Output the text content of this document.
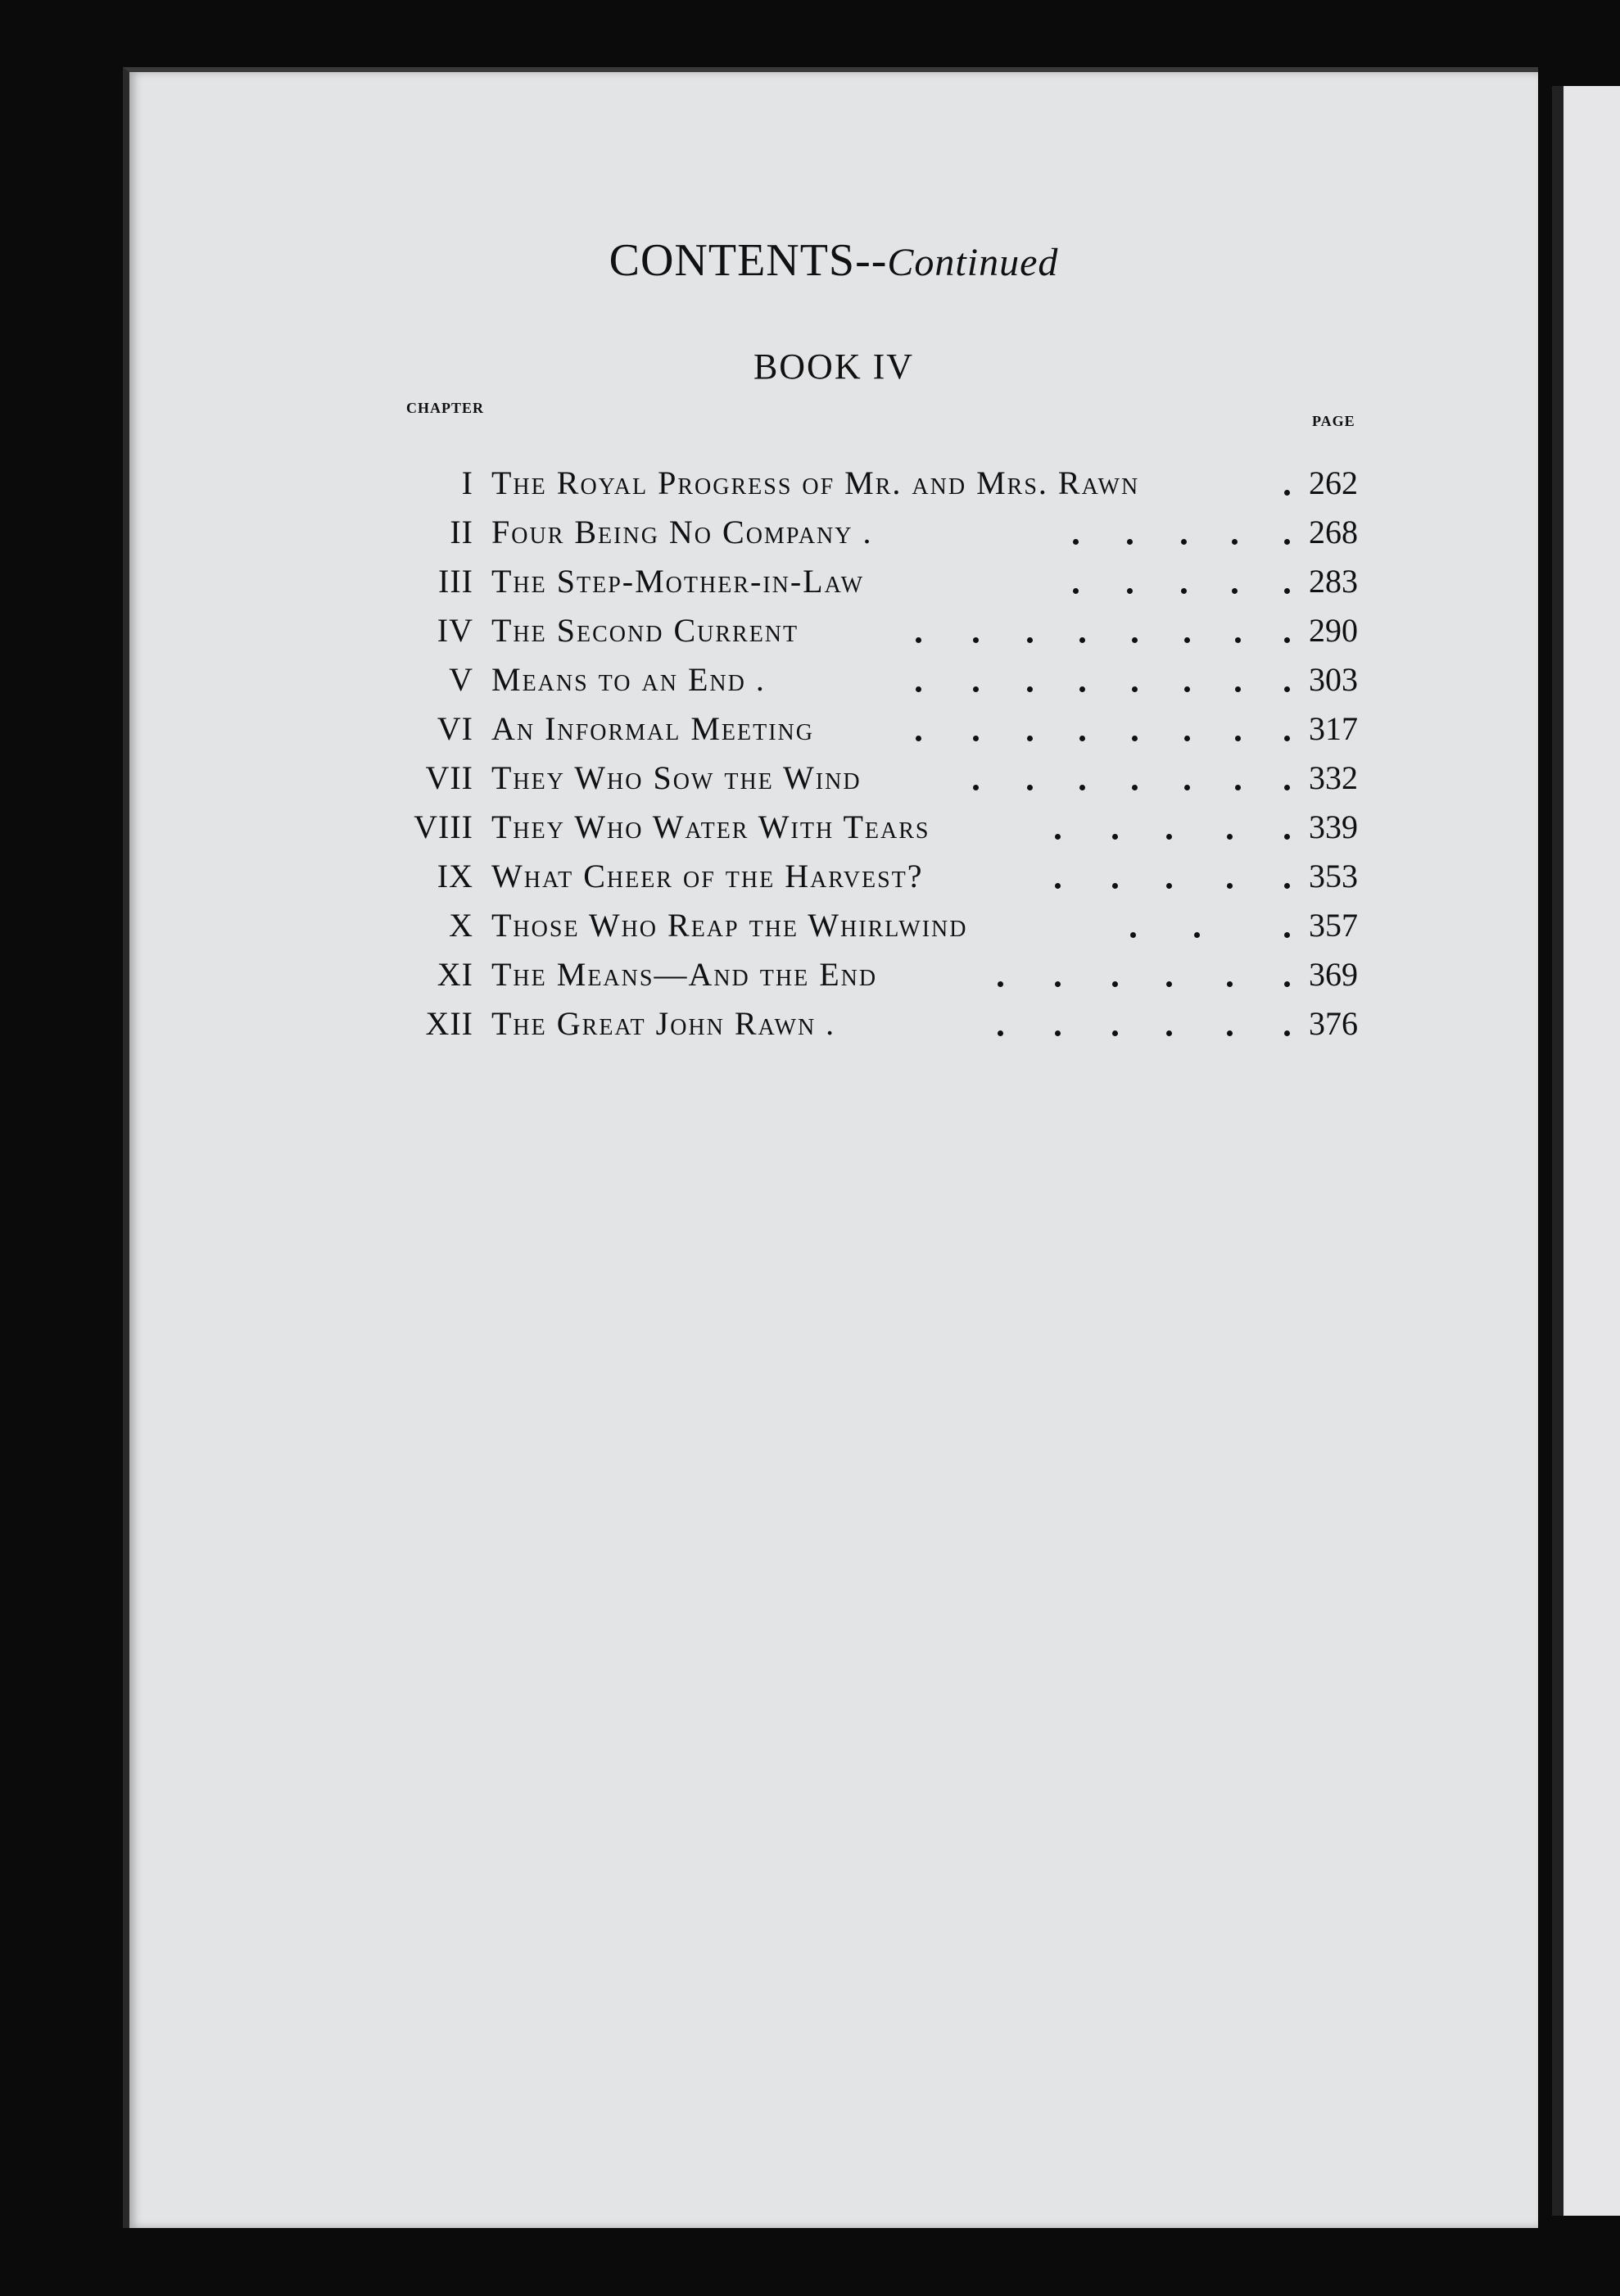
CONTENTS--Continued
BOOK IV
CHAPTER
PAGE
I The Royal Progress of Mr. and Mrs. Rawn	262
II Four Being No Company .	268
III The Step-Mother-in-Law	283
IV The Second Current	290
V Means to an End .	303
VI An Informal Meeting	317
VII They Who Sow the Wind	332
VIII They Who Water With Tears	339
IX What Cheer of the Harvest?	353
X Those Who Reap the Whirlwind	357
XI The Means—And the End	369
XII The Great John Rawn .	376
